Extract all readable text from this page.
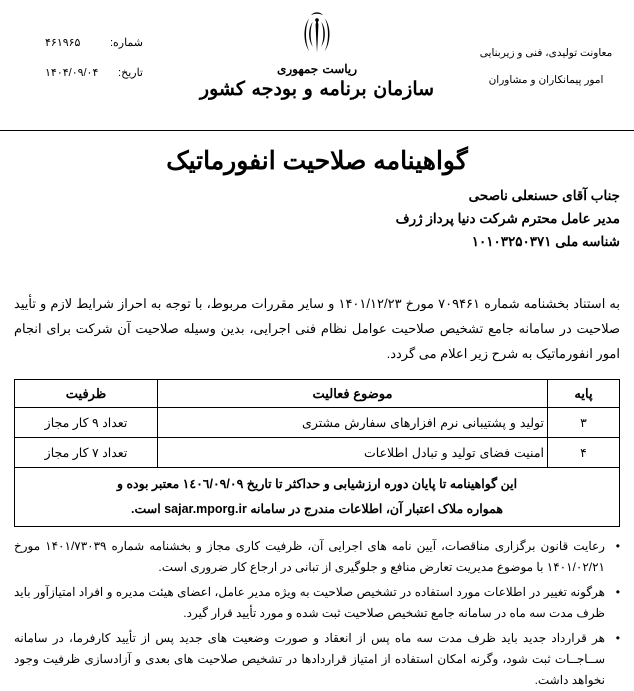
شماره:
۴۶۱۹۶۵
تاریخ:
۱۴۰۴/۰۹/۰۴	ریاست جمهوری
سازمان برنامه و بودجه کشور
معاونت تولیدی، فنی و زیربنایی
امور پیمانکاران و مشاوران
گواهینامه صلاحیت انفورماتیک
جناب آقای حسنعلی ناصحی
مدیر عامل محترم شرکت دنیا پرداز ژرف
شناسه ملی ۱۰۱۰۳۲۵۰۳۷۱

به استناد بخشنامه شماره ۷۰۹۴۶۱ مورخ ۱۴۰۱/۱۲/۲۳ و سایر مقررات مربوط، با توجه به احراز شرایط لازم و تأیید صلاحیت در سامانه جامع تشخیص صلاحیت عوامل نظام فنی اجرایی، بدین وسیله صلاحیت آن شرکت برای انجام امور انفورماتیک به شرح زیر اعلام می گردد.

پایه	موضوع فعالیت	ظرفیت
۳	تولید و پشتیبانی نرم افزارهای سفارش مشتری	تعداد ۹ کار مجاز
۴	امنیت فضای تولید و تبادل اطلاعات	تعداد ۷ کار مجاز

این گواهینامه تا پایان دوره ارزشیابی و حداکثر تا تاریخ ١٤٠٦/٠٩/٠٩ معتبر بوده و
همواره ملاک اعتبار آن، اطلاعات مندرج در سامانه sajar.mporg.ir است.		
•
رعایت قانون برگزاری مناقصات، آیین نامه های اجرایی آن، ظرفیت کاری مجاز و بخشنامه شماره ۱۴۰۱/۷۳۰۳۹ مورخ ۱۴۰۱/۰۲/۲۱ با موضوع مدیریت تعارض منافع و جلوگیری از تبانی در ارجاع کار ضروری است.
•
هرگونه تغییر در اطلاعات مورد استفاده در تشخیص صلاحیت به ویژه مدیر عامل، اعضای هیئت مدیره و افراد امتیازآور باید ظرف مدت سه ماه در سامانه جامع تشخیص صلاحیت ثبت شده و مورد تأیید قرار گیرد.
•
هر قرارداد جدید باید ظرف مدت سه ماه پس از انعقاد و صورت وضعیت های جدید پس از تأیید کارفرما، در سامانه ســاجــات ثبت شود، وگرنه امکان استفاده از امتیاز قراردادها در تشخیص صلاحیت های بعدی و آزادسازی ظرفیت وجود نخواهد داشت.
